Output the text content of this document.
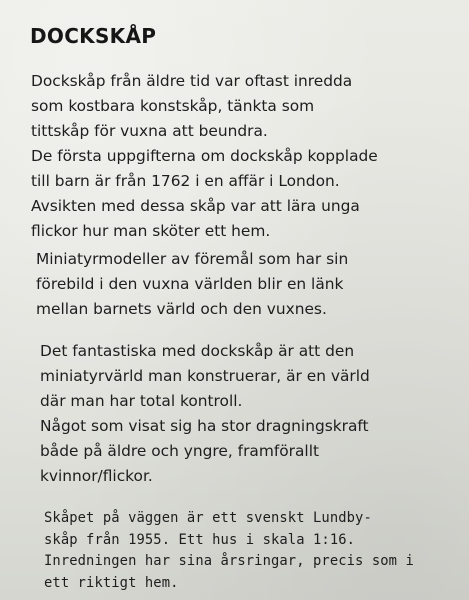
DOCKSKÅP

Dockskåp från äldre tid var oftast inredda
som kostbara konstskåp, tänkta som
tittskåp för vuxna att beundra.
De första uppgifterna om dockskåp kopplade
till barn är från 1762 i en affär i London.
Avsikten med dessa skåp var att lära unga
flickor hur man sköter ett hem.

Miniatyrmodeller av föremål som har sin
förebild i den vuxna världen blir en länk
mellan barnets värld och den vuxnes.

Det fantastiska med dockskåp är att den
miniatyrvärld man konstruerar, är en värld
där man har total kontroll.
Något som visat sig ha stor dragningskraft
både på äldre och yngre, framförallt
kvinnor/flickor.

Skåpet på väggen är ett svenskt Lundby-
skåp från 1955. Ett hus i skala 1:16.
Inredningen har sina årsringar, precis som i
ett riktigt hem.
